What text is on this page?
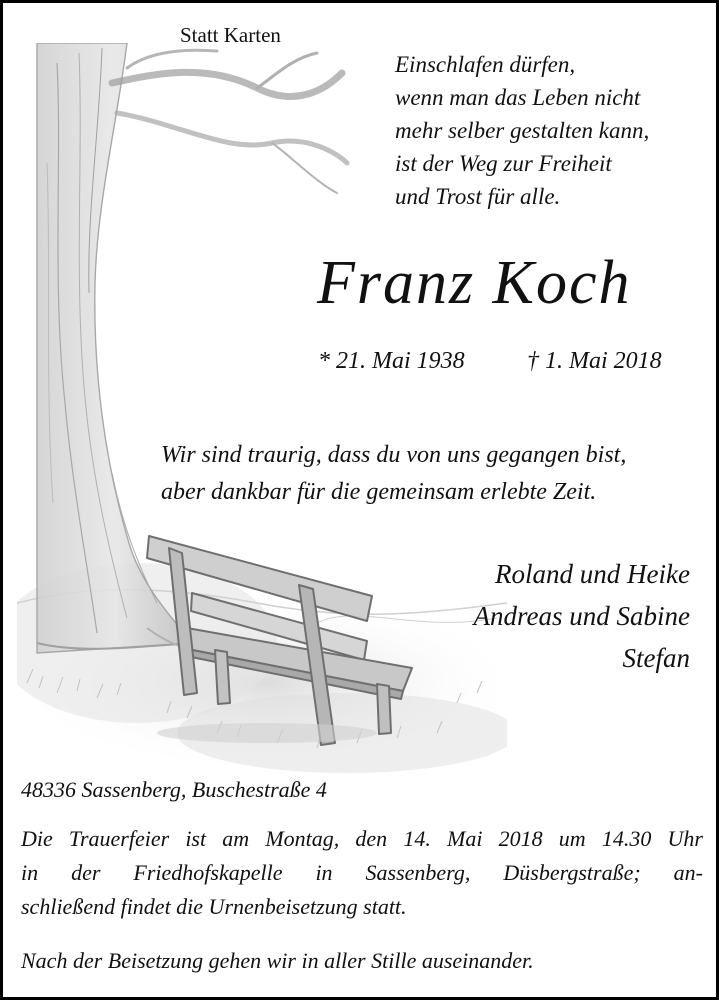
Statt Karten
Einschlafen dürfen,
wenn man das Leben nicht
mehr selber gestalten kann,
ist der Weg zur Freiheit
und Trost für alle.
Franz Koch
* 21. Mai 1938	† 1. Mai 2018
Wir sind traurig, dass du von uns gegangen bist,
aber dankbar für die gemeinsam erlebte Zeit.
Roland und Heike
Andreas und Sabine
Stefan
48336 Sassenberg, Buschestraße 4
Die Trauerfeier ist am Montag, den 14. Mai 2018 um 14.30 Uhr
in der Friedhofskapelle in Sassenberg, Düsbergstraße; an-
schließend findet die Urnenbeisetzung statt.
Nach der Beisetzung gehen wir in aller Stille auseinander.
